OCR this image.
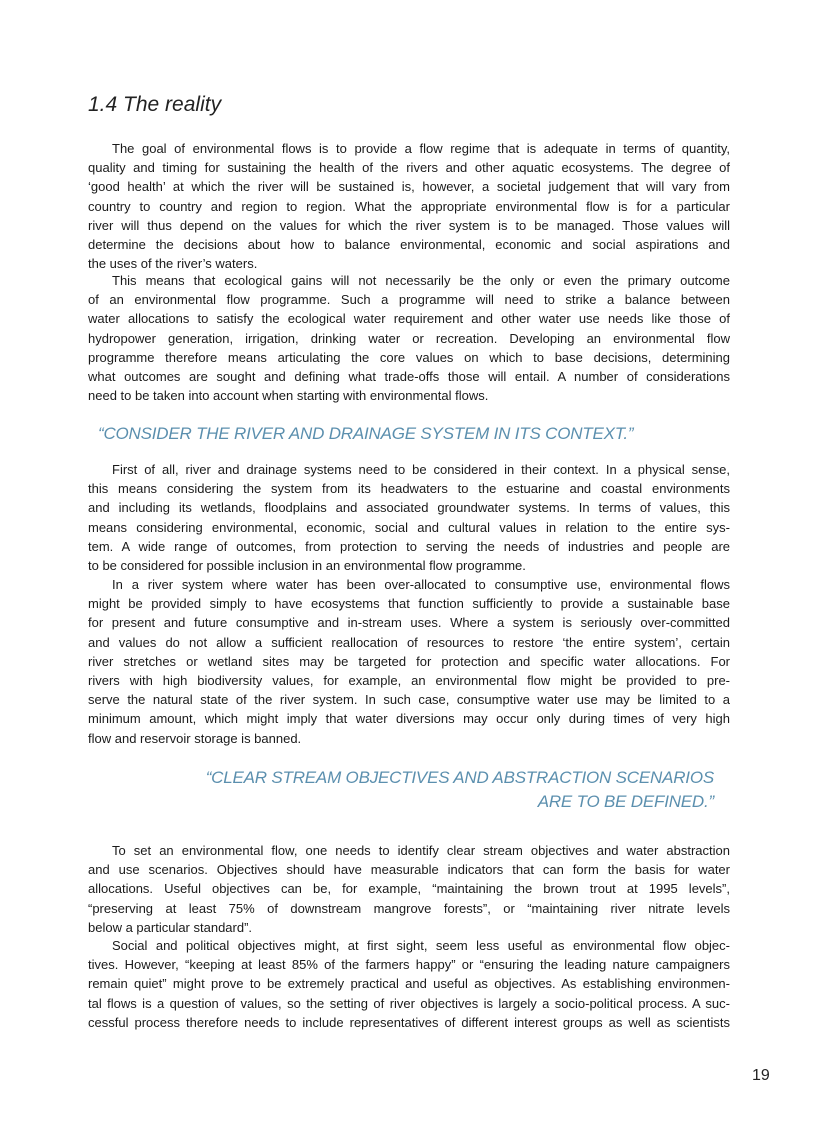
1.4 The reality
The goal of environmental flows is to provide a flow regime that is adequate in terms of quantity,
quality and timing for sustaining the health of the rivers and other aquatic ecosystems. The degree of
‘good health’ at which the river will be sustained is, however, a societal judgement that will vary from
country to country and region to region. What the appropriate environmental flow is for a particular
river will thus depend on the values for which the river system is to be managed. Those values will
determine the decisions about how to balance environmental, economic and social aspirations and
the uses of the river’s waters.
This means that ecological gains will not necessarily be the only or even the primary outcome
of an environmental flow programme. Such a programme will need to strike a balance between
water allocations to satisfy the ecological water requirement and other water use needs like those of
hydropower generation, irrigation, drinking water or recreation. Developing an environmental flow
programme therefore means articulating the core values on which to base decisions, determining
what outcomes are sought and defining what trade-offs those will entail. A number of considerations
need to be taken into account when starting with environmental flows.
“CONSIDER THE RIVER AND DRAINAGE SYSTEM IN ITS CONTEXT.”
First of all, river and drainage systems need to be considered in their context. In a physical sense,
this means considering the system from its headwaters to the estuarine and coastal environments
and including its wetlands, floodplains and associated groundwater systems. In terms of values, this
means considering environmental, economic, social and cultural values in relation to the entire sys-
tem. A wide range of outcomes, from protection to serving the needs of industries and people are
to be considered for possible inclusion in an environmental flow programme.
In a river system where water has been over-allocated to consumptive use, environmental flows
might be provided simply to have ecosystems that function sufficiently to provide a sustainable base
for present and future consumptive and in-stream uses. Where a system is seriously over-committed
and values do not allow a sufficient reallocation of resources to restore ‘the entire system’, certain
river stretches or wetland sites may be targeted for protection and specific water allocations. For
rivers with high biodiversity values, for example, an environmental flow might be provided to pre-
serve the natural state of the river system. In such case, consumptive water use may be limited to a
minimum amount, which might imply that water diversions may occur only during times of very high
flow and reservoir storage is banned.
“CLEAR STREAM OBJECTIVES AND ABSTRACTION SCENARIOS
ARE TO BE DEFINED.”
To set an environmental flow, one needs to identify clear stream objectives and water abstraction
and use scenarios. Objectives should have measurable indicators that can form the basis for water
allocations. Useful objectives can be, for example, “maintaining the brown trout at 1995 levels”,
“preserving at least 75% of downstream mangrove forests”, or “maintaining river nitrate levels
below a particular standard”.
Social and political objectives might, at first sight, seem less useful as environmental flow objec-
tives. However, “keeping at least 85% of the farmers happy” or “ensuring the leading nature campaigners
remain quiet” might prove to be extremely practical and useful as objectives. As establishing environmen-
tal flows is a question of values, so the setting of river objectives is largely a socio-political process. A suc-
cessful process therefore needs to include representatives of different interest groups as well as scientists
19
